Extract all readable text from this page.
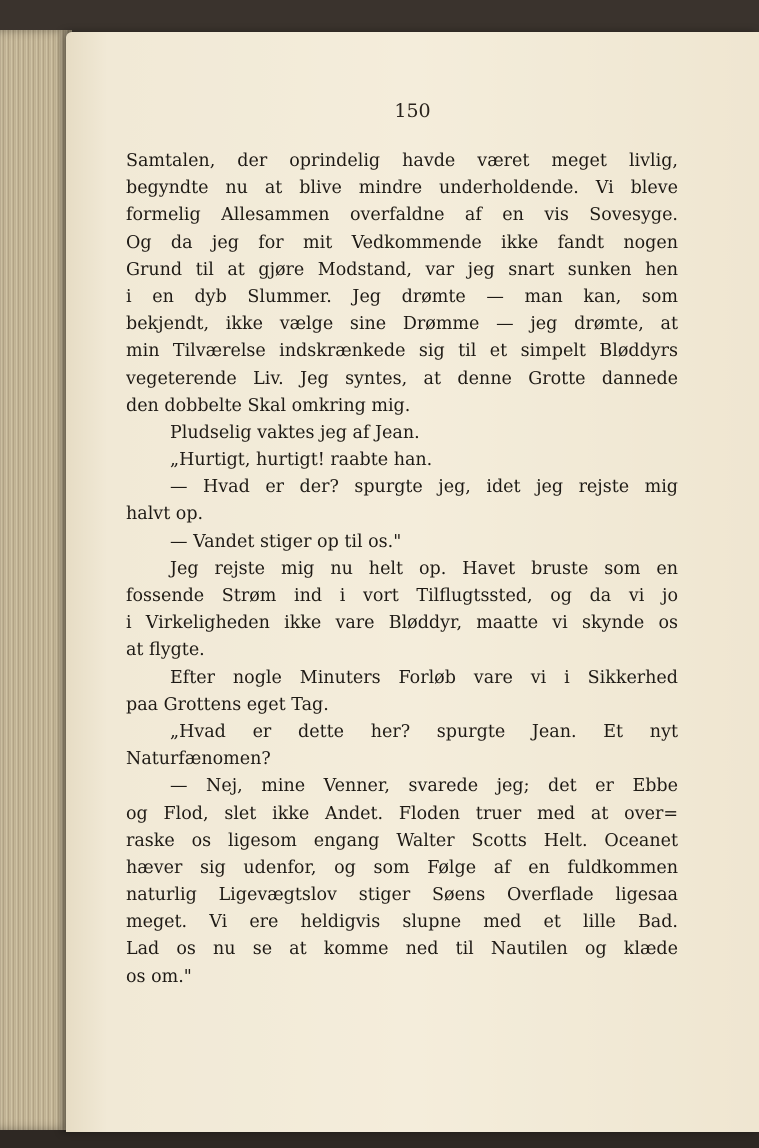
150
Samtalen, der oprindelig havde været meget livlig,
begyndte nu at blive mindre underholdende. Vi bleve
formelig Allesammen overfaldne af en vis Sovesyge.
Og da jeg for mit Vedkommende ikke fandt nogen
Grund til at gjøre Modstand, var jeg snart sunken hen
i en dyb Slummer. Jeg drømte — man kan, som
bekjendt, ikke vælge sine Drømme — jeg drømte, at
min Tilværelse indskrænkede sig til et simpelt Bløddyrs
vegeterende Liv. Jeg syntes, at denne Grotte dannede
den dobbelte Skal omkring mig.
Pludselig vaktes jeg af Jean.
„Hurtigt, hurtigt! raabte han.
— Hvad er der? spurgte jeg, idet jeg rejste mig
halvt op.
— Vandet stiger op til os."
Jeg rejste mig nu helt op. Havet bruste som en
fossende Strøm ind i vort Tilflugtssted, og da vi jo
i Virkeligheden ikke vare Bløddyr, maatte vi skynde os
at flygte.
Efter nogle Minuters Forløb vare vi i Sikkerhed
paa Grottens eget Tag.
„Hvad er dette her? spurgte Jean. Et nyt
Naturfænomen?
— Nej, mine Venner, svarede jeg; det er Ebbe
og Flod, slet ikke Andet. Floden truer med at over=
raske os ligesom engang Walter Scotts Helt. Oceanet
hæver sig udenfor, og som Følge af en fuldkommen
naturlig Ligevægtslov stiger Søens Overflade ligesaa
meget. Vi ere heldigvis slupne med et lille Bad.
Lad os nu se at komme ned til Nautilen og klæde
os om."
